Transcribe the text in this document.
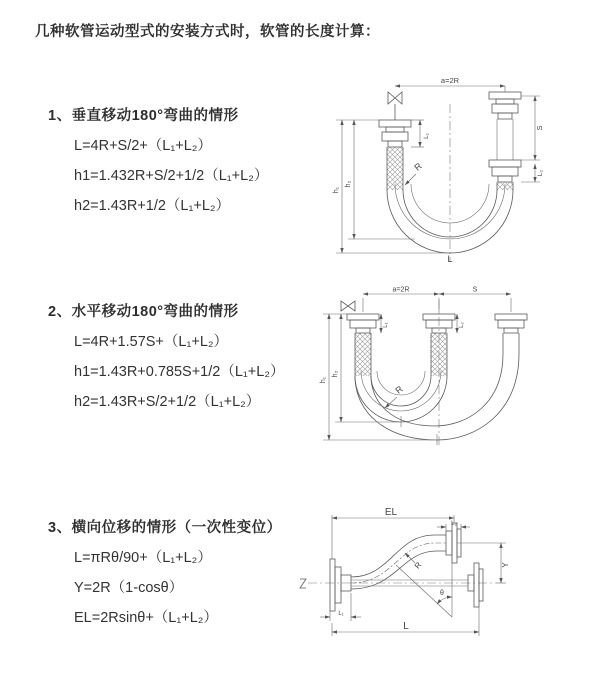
几种软管运动型式的安装方式时，软管的长度计算：
1、垂直移动180°弯曲的情形
L=4R+S/2+（L₁+L₂）
h1=1.432R+S/2+1/2（L₁+L₂）
h2=1.43R+1/2（L₁+L₂）
a=2R
L₁
S
L₂
h₁
h₂
R
L
2、水平移动180°弯曲的情形
L=4R+1.57S+（L₁+L₂）
h1=1.43R+0.785S+1/2（L₁+L₂）
h2=1.43R+S/2+1/2（L₁+L₂）
a=2R	S
L₁	L₂
h₁
h₂
R
3、横向位移的情形（一次性变位）
L=πRθ/90+（L₁+L₂）
Y=2R（1-cosθ）
EL=2Rsinθ+（L₁+L₂）
EL
L₂
Y
L₁
L
θ
R
